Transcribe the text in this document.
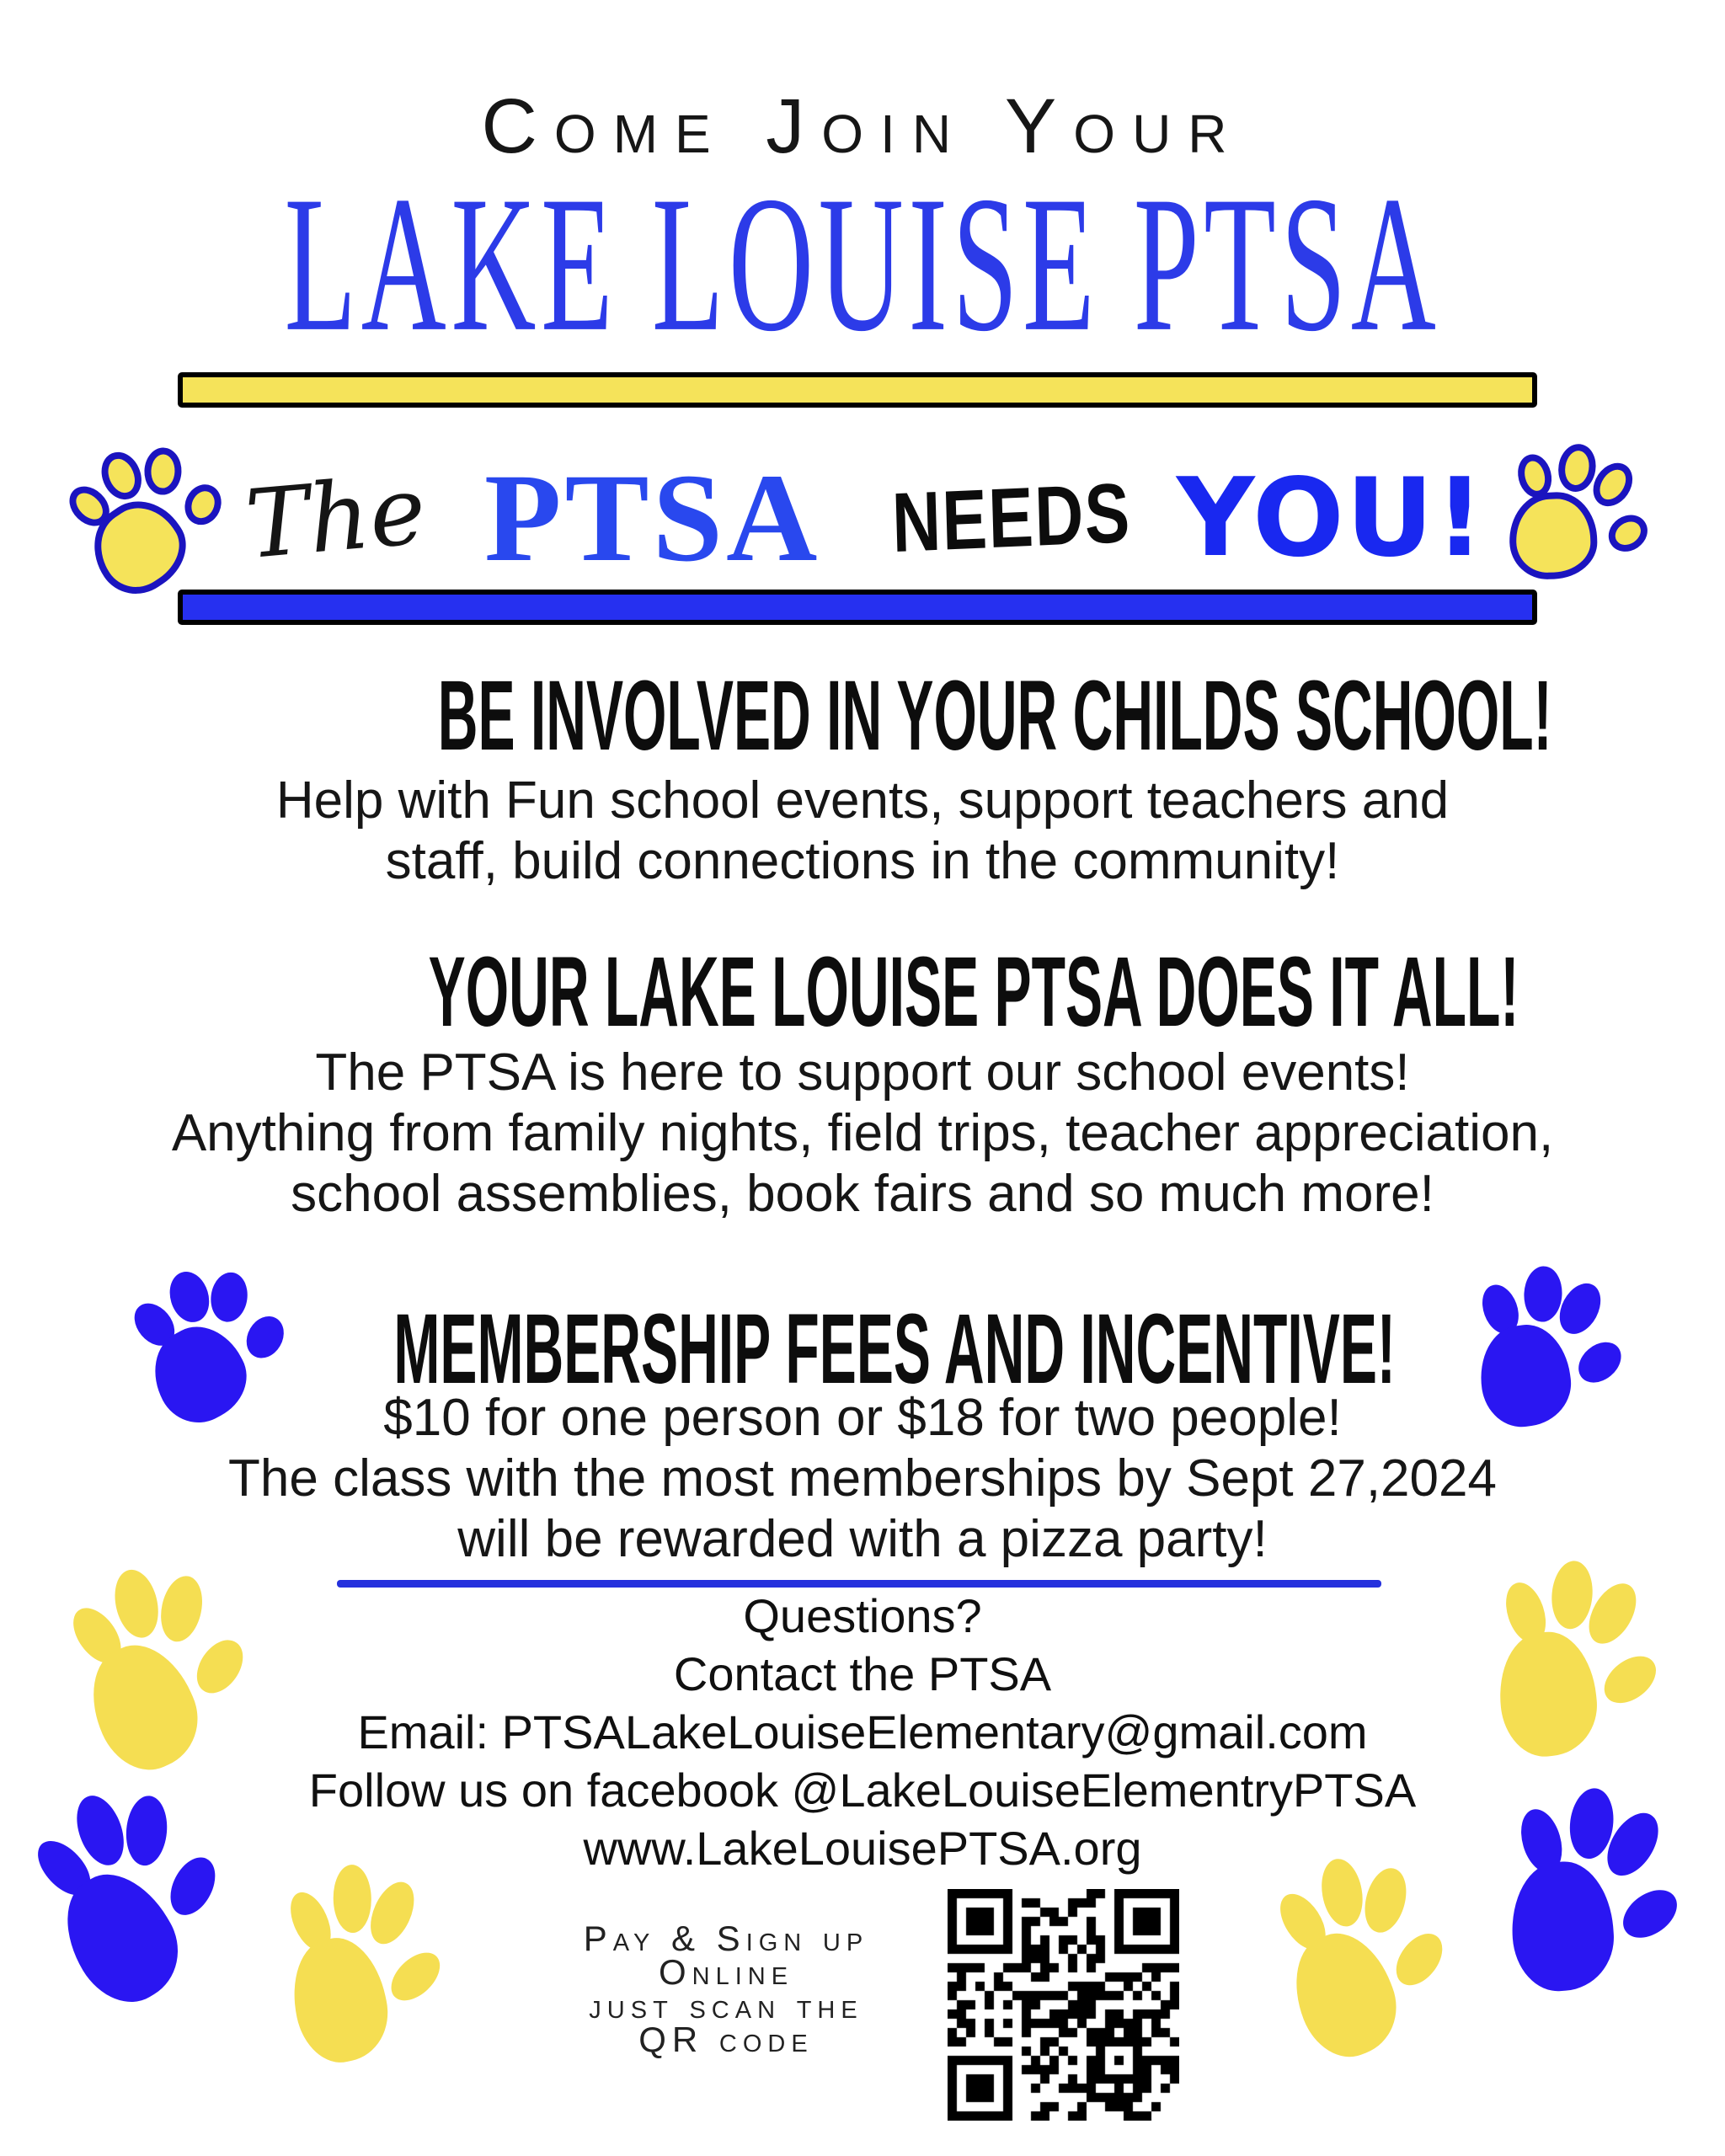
Come Join Your
LAKE LOUISE PTSA
The PTSA NEEDS YOU!
BE INVOLVED IN YOUR CHILDS SCHOOL!
Help with Fun school events, support teachers and
staff, build connections in the community!
YOUR LAKE LOUISE PTSA DOES IT ALL!
The PTSA is here to support our school events!
Anything from family nights, field trips, teacher appreciation,
school assemblies, book fairs and so much more!
MEMBERSHIP FEES AND INCENTIVE!
$10 for one person or $18 for two people!
The class with the most memberships by Sept 27,2024
will be rewarded with a pizza party!
Questions?
Contact the PTSA
Email: PTSALakeLouiseElementary@gmail.com
Follow us on facebook @LakeLouiseElementryPTSA
www.LakeLouisePTSA.org
Pay & Sign up
Online
just scan the
QR code
